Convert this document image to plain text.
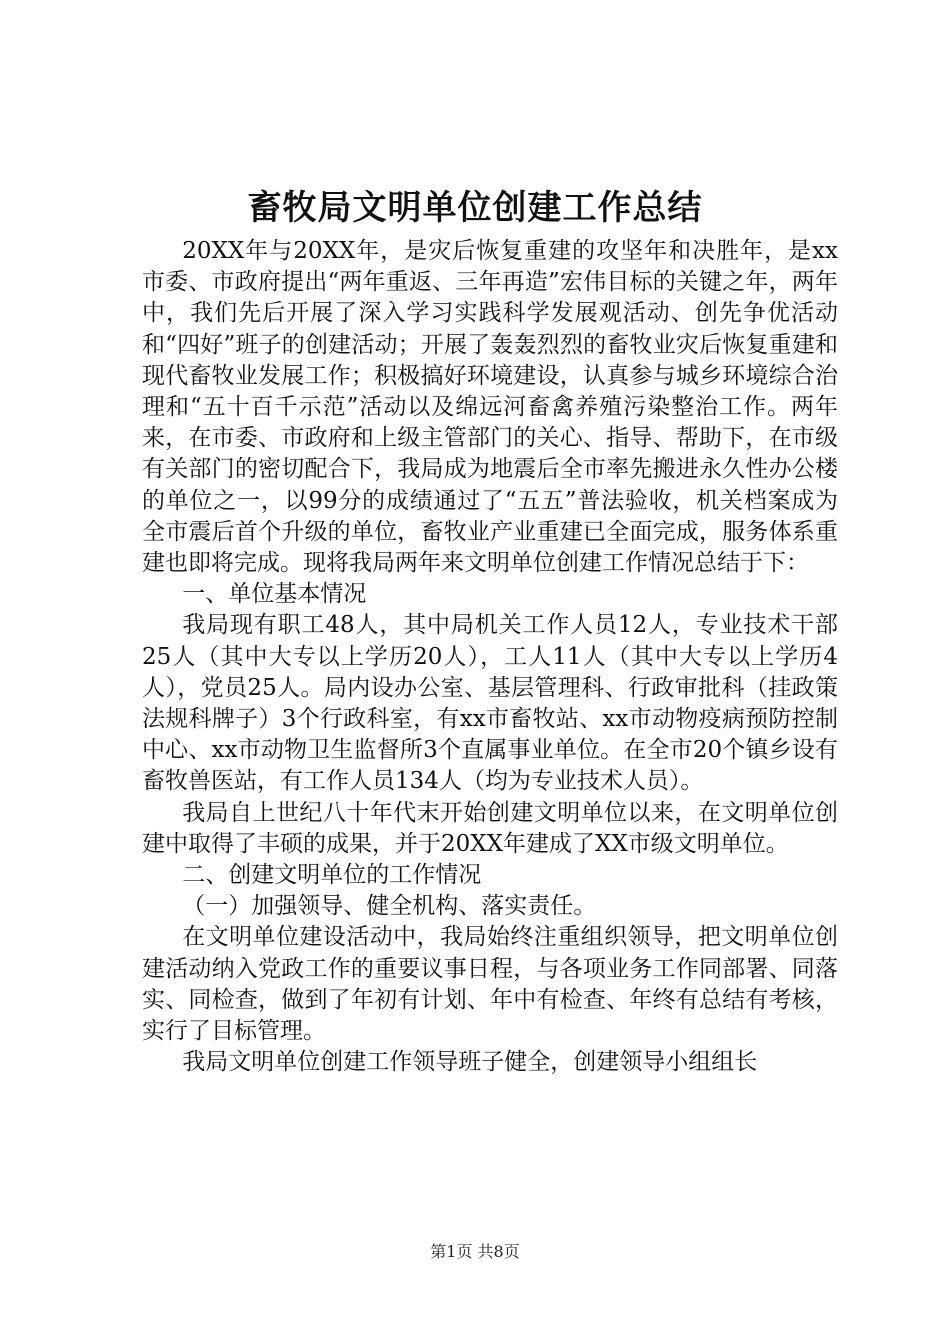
畜牧局文明单位创建工作总结

20XX年与20XX年，是灾后恢复重建的攻坚年和决胜年，是xx市委、市政府提出“两年重返、三年再造”宏伟目标的关键之年，两年中，我们先后开展了深入学习实践科学发展观活动、创先争优活动和“四好”班子的创建活动；开展了轰轰烈烈的畜牧业灾后恢复重建和现代畜牧业发展工作；积极搞好环境建设，认真参与城乡环境综合治理和“五十百千示范”活动以及绵远河畜禽养殖污染整治工作。两年来，在市委、市政府和上级主管部门的关心、指导、帮助下，在市级有关部门的密切配合下，我局成为地震后全市率先搬进永久性办公楼的单位之一，以99分的成绩通过了“五五”普法验收，机关档案成为全市震后首个升级的单位，畜牧业产业重建已全面完成，服务体系重建也即将完成。现将我局两年来文明单位创建工作情况总结于下：

一、单位基本情况

我局现有职工48人，其中局机关工作人员12人，专业技术干部25人（其中大专以上学历20人），工人11人（其中大专以上学历4人），党员25人。局内设办公室、基层管理科、行政审批科（挂政策法规科牌子）3个行政科室，有xx市畜牧站、xx市动物疫病预防控制中心、xx市动物卫生监督所3个直属事业单位。在全市20个镇乡设有畜牧兽医站，有工作人员134人（均为专业技术人员）。

我局自上世纪八十年代末开始创建文明单位以来，在文明单位创建中取得了丰硕的成果，并于20XX年建成了XX市级文明单位。

二、创建文明单位的工作情况

（一）加强领导、健全机构、落实责任。

在文明单位建设活动中，我局始终注重组织领导，把文明单位创建活动纳入党政工作的重要议事日程，与各项业务工作同部署、同落实、同检查，做到了年初有计划、年中有检查、年终有总结有考核，实行了目标管理。

我局文明单位创建工作领导班子健全，创建领导小组组长

第1页 共8页
